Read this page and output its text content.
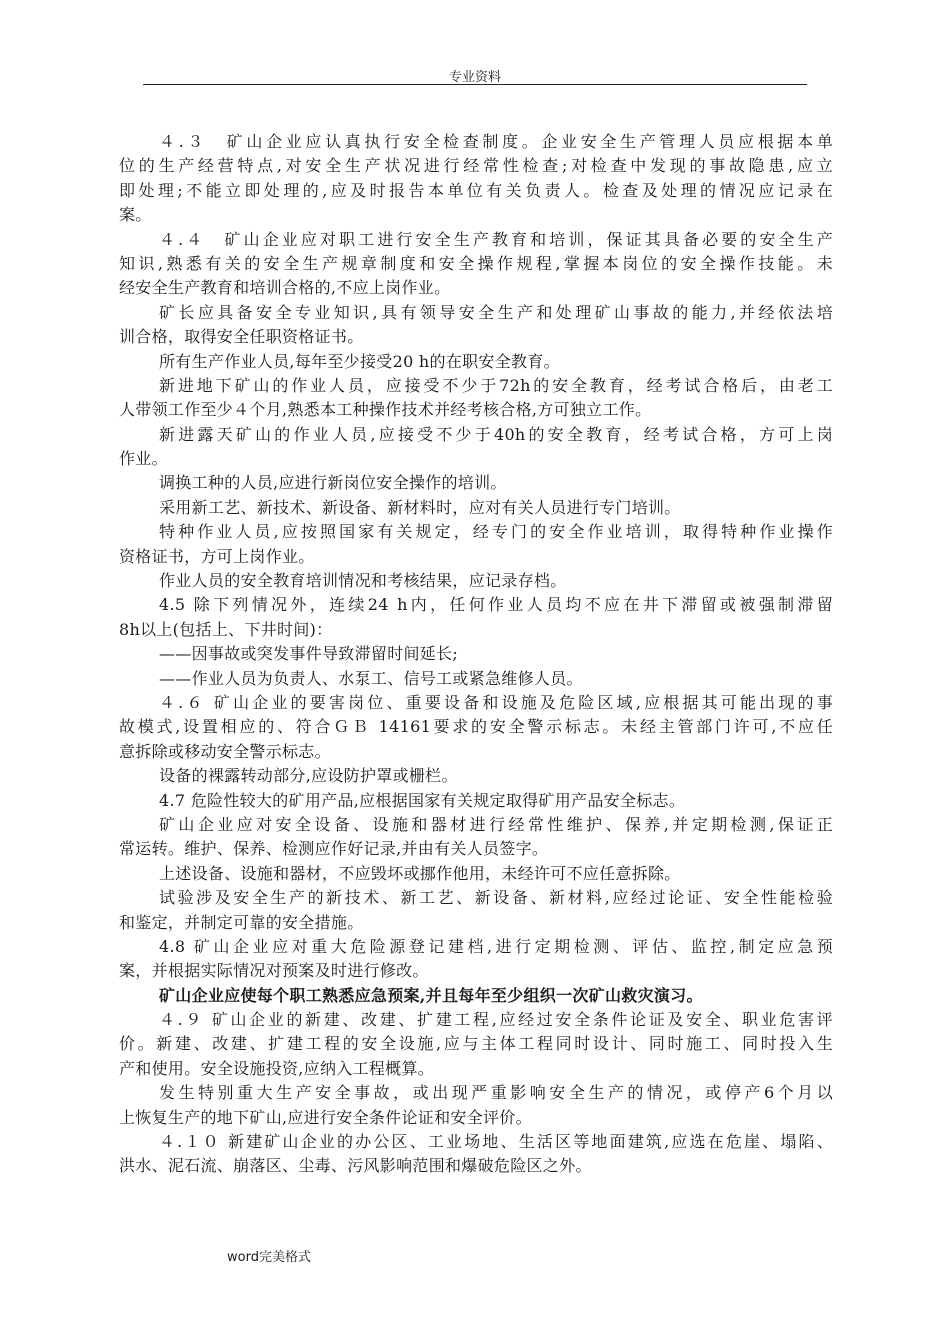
专业资料
４.３　矿山企业应认真执行安全检查制度。企业安全生产管理人员应根据本单
位的生产经营特点,对安全生产状况进行经常性检查;对检查中发现的事故隐患,应立
即处理;不能立即处理的,应及时报告本单位有关负责人。检查及处理的情况应记录在
案。
４.４　矿山企业应对职工进行安全生产教育和培训，保证其具备必要的安全生产
知识,熟悉有关的安全生产规章制度和安全操作规程,掌握本岗位的安全操作技能。未
经安全生产教育和培训合格的,不应上岗作业。
矿长应具备安全专业知识,具有领导安全生产和处理矿山事故的能力,并经依法培
训合格，取得安全任职资格证书。
所有生产作业人员,每年至少接受20 h的在职安全教育。
新进地下矿山的作业人员，应接受不少于72h的安全教育，经考试合格后，由老工
人带领工作至少４个月,熟悉本工种操作技术并经考核合格,方可独立工作。
新进露天矿山的作业人员,应接受不少于40h的安全教育，经考试合格，方可上岗
作业。
调换工种的人员,应进行新岗位安全操作的培训。
采用新工艺、新技术、新设备、新材料时，应对有关人员进行专门培训。
特种作业人员,应按照国家有关规定，经专门的安全作业培训，取得特种作业操作
资格证书，方可上岗作业。
作业人员的安全教育培训情况和考核结果，应记录存档。
4.5 除下列情况外，连续24 h内，任何作业人员均不应在井下滞留或被强制滞留
8h以上(包括上、下井时间)：
——因事故或突发事件导致滞留时间延长;
——作业人员为负责人、水泵工、信号工或紧急维修人员。
４.６ 矿山企业的要害岗位、重要设备和设施及危险区域,应根据其可能出现的事
故模式,设置相应的、符合ＧＢ 14161要求的安全警示标志。未经主管部门许可,不应任
意拆除或移动安全警示标志。
设备的裸露转动部分,应设防护罩或栅栏。
4.7 危险性较大的矿用产品,应根据国家有关规定取得矿用产品安全标志。
矿山企业应对安全设备、设施和器材进行经常性维护、保养,并定期检测,保证正
常运转。维护、保养、检测应作好记录,并由有关人员签字。
上述设备、设施和器材，不应毁坏或挪作他用，未经许可不应任意拆除。
试验涉及安全生产的新技术、新工艺、新设备、新材料,应经过论证、安全性能检验
和鉴定，并制定可靠的安全措施。
4.8 矿山企业应对重大危险源登记建档,进行定期检测、评估、监控,制定应急预
案，并根据实际情况对预案及时进行修改。
矿山企业应使每个职工熟悉应急预案,并且每年至少组织一次矿山救灾演习。
４.９ 矿山企业的新建、改建、扩建工程,应经过安全条件论证及安全、职业危害评
价。新建、改建、扩建工程的安全设施,应与主体工程同时设计、同时施工、同时投入生
产和使用。安全设施投资,应纳入工程概算。
发生特别重大生产安全事故，或出现严重影响安全生产的情况，或停产6个月以
上恢复生产的地下矿山,应进行安全条件论证和安全评价。
４.１０ 新建矿山企业的办公区、工业场地、生活区等地面建筑,应选在危崖、塌陷、
洪水、泥石流、崩落区、尘毒、污风影响范围和爆破危险区之外。
word完美格式
